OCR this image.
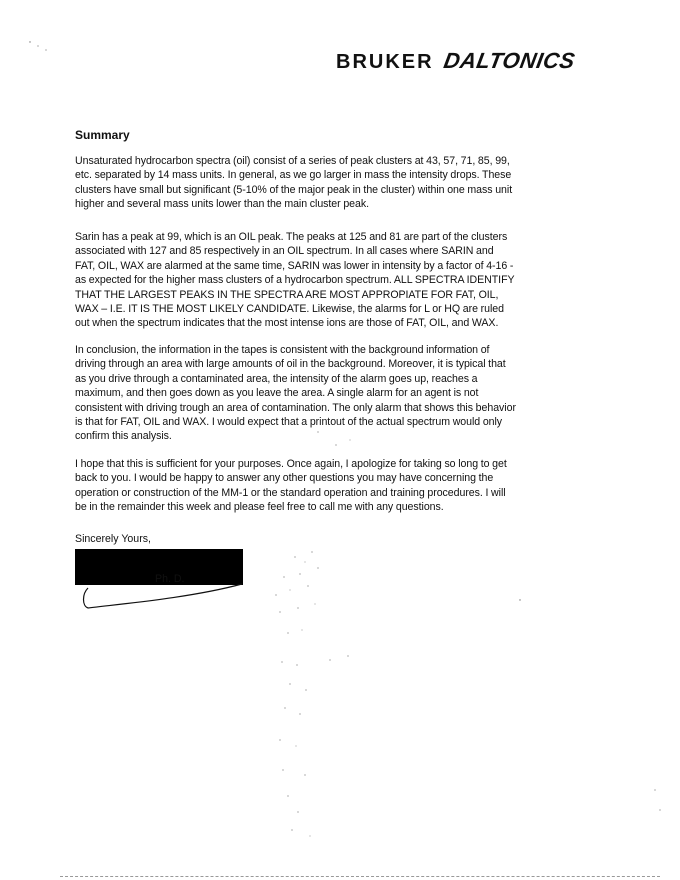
BRUKER DALTONICS
Summary
Unsaturated hydrocarbon spectra (oil) consist of a series of peak clusters at 43, 57, 71, 85, 99,
etc. separated by 14 mass units. In general, as we go larger in mass the intensity drops. These
clusters have small but significant (5-10% of the major peak in the cluster) within one mass unit
higher and several mass units lower than the main cluster peak.
Sarin has a peak at 99, which is an OIL peak. The peaks at 125 and 81 are part of the clusters
associated with 127 and 85 respectively in an OIL spectrum. In all cases where SARIN and
FAT, OIL, WAX are alarmed at the same time, SARIN was lower in intensity by a factor of 4-16 -
as expected for the higher mass clusters of a hydrocarbon spectrum. ALL SPECTRA IDENTIFY
THAT THE LARGEST PEAKS IN THE SPECTRA ARE MOST APPROPIATE FOR FAT, OIL,
WAX – I.E. IT IS THE MOST LIKELY CANDIDATE. Likewise, the alarms for L or HQ are ruled
out when the spectrum indicates that the most intense ions are those of FAT, OIL, and WAX.
In conclusion, the information in the tapes is consistent with the background information of
driving through an area with large amounts of oil in the background. Moreover, it is typical that
as you drive through a contaminated area, the intensity of the alarm goes up, reaches a
maximum, and then goes down as you leave the area. A single alarm for an agent is not
consistent with driving trough an area of contamination. The only alarm that shows this behavior
is that for FAT, OIL and WAX. I would expect that a printout of the actual spectrum would only
confirm this analysis.
I hope that this is sufficient for your purposes. Once again, I apologize for taking so long to get
back to you. I would be happy to answer any other questions you may have concerning the
operation or construction of the MM-1 or the standard operation and training procedures. I will
be in the remainder this week and please feel free to call me with any questions.
Sincerely Yours,
Ph. D.
